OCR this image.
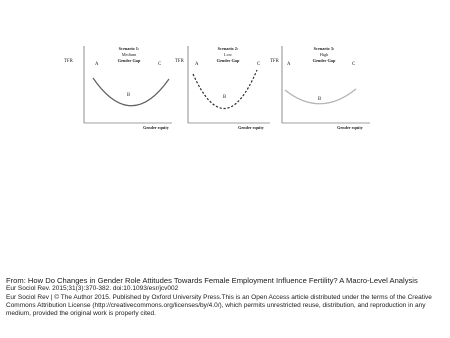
TFR
Scenario 1:
Medium
Gender Gap
A	C
B
Gender equity
TFR
Scenario 2:
Low
Gender Gap
A	C
B
Gender equity
TFR
Scenario 3:
High
Gender Gap
A	C
B
Gender equity
From: How Do Changes in Gender Role Attitudes Towards Female Employment Influence Fertility? A Macro-Level Analysis
Eur Sociol Rev. 2015;31(3):370-382. doi:10.1093/esr/jcv002
Eur Sociol Rev | © The Author 2015. Published by Oxford University Press.This is an Open Access article distributed under the terms of the Creative Commons Attribution License (http://creativecommons.org/licenses/by/4.0/), which permits unrestricted reuse, distribution, and reproduction in any medium, provided the original work is properly cited.
